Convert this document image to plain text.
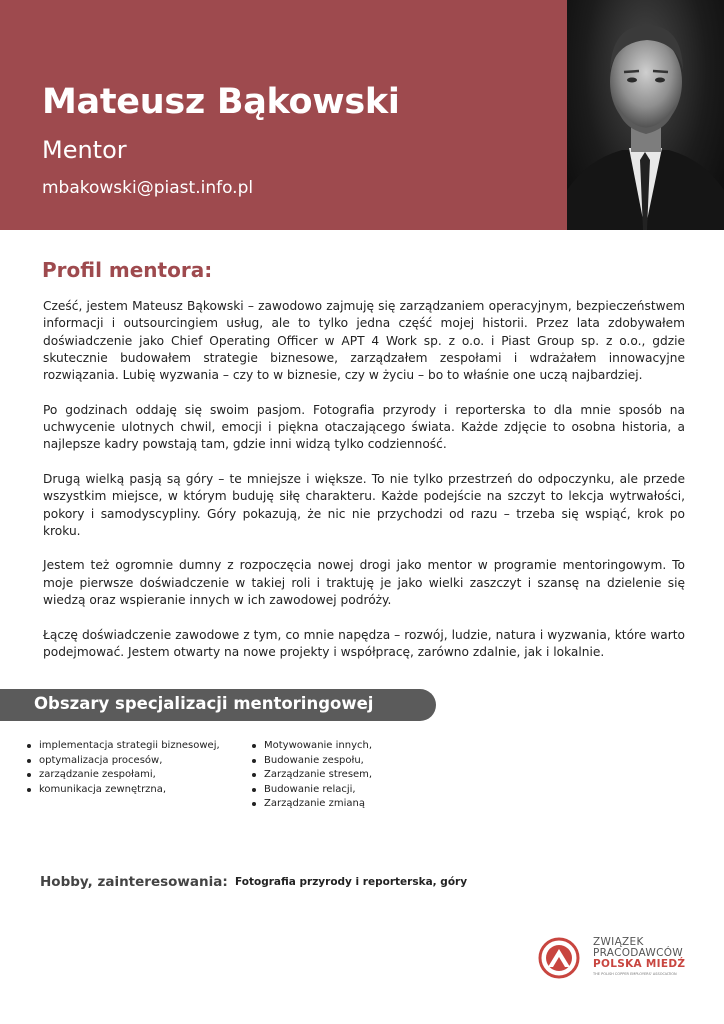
Mateusz Bąkowski
Mentor
mbakowski@piast.info.pl
Profil mentora:

Cześć, jestem Mateusz Bąkowski – zawodowo zajmuję się zarządzaniem operacyjnym, bezpieczeństwem informacji i outsourcingiem usług, ale to tylko jedna część mojej historii. Przez lata zdobywałem doświadczenie jako Chief Operating Officer w APT 4 Work sp. z o.o. i Piast Group sp. z o.o., gdzie skutecznie budowałem strategie biznesowe, zarządzałem zespołami i wdrażałem innowacyjne rozwiązania. Lubię wyzwania – czy to w biznesie, czy w życiu – bo to właśnie one uczą najbardziej.

Po godzinach oddaję się swoim pasjom. Fotografia przyrody i reporterska to dla mnie sposób na uchwycenie ulotnych chwil, emocji i piękna otaczającego świata. Każde zdjęcie to osobna historia, a najlepsze kadry powstają tam, gdzie inni widzą tylko codzienność.

Drugą wielką pasją są góry – te mniejsze i większe. To nie tylko przestrzeń do odpoczynku, ale przede wszystkim miejsce, w którym buduję siłę charakteru. Każde podejście na szczyt to lekcja wytrwałości, pokory i samodyscypliny. Góry pokazują, że nic nie przychodzi od razu – trzeba się wspiąć, krok po kroku.

Jestem też ogromnie dumny z rozpoczęcia nowej drogi jako mentor w programie mentoringowym. To moje pierwsze doświadczenie w takiej roli i traktuję je jako wielki zaszczyt i szansę na dzielenie się wiedzą oraz wspieranie innych w ich zawodowej podróży.

Łączę doświadczenie zawodowe z tym, co mnie napędza – rozwój, ludzie, natura i wyzwania, które warto podejmować. Jestem otwarty na nowe projekty i współpracę, zarówno zdalnie, jak i lokalnie.

Obszary specjalizacji mentoringowej
implementacja strategii biznesowej,
optymalizacja procesów,
zarządzanie zespołami,
komunikacja zewnętrzna,
Motywowanie innych,
Budowanie zespołu,
Zarządzanie stresem,
Budowanie relacji,
Zarządzanie zmianą
Hobby, zainteresowania: Fotografia przyrody i reporterska, góry
ZWIĄZEK
PRACODAWCÓW
POLSKA MIEDŹ
THE POLISH COPPER EMPLOYERS' ASSOCIATION
